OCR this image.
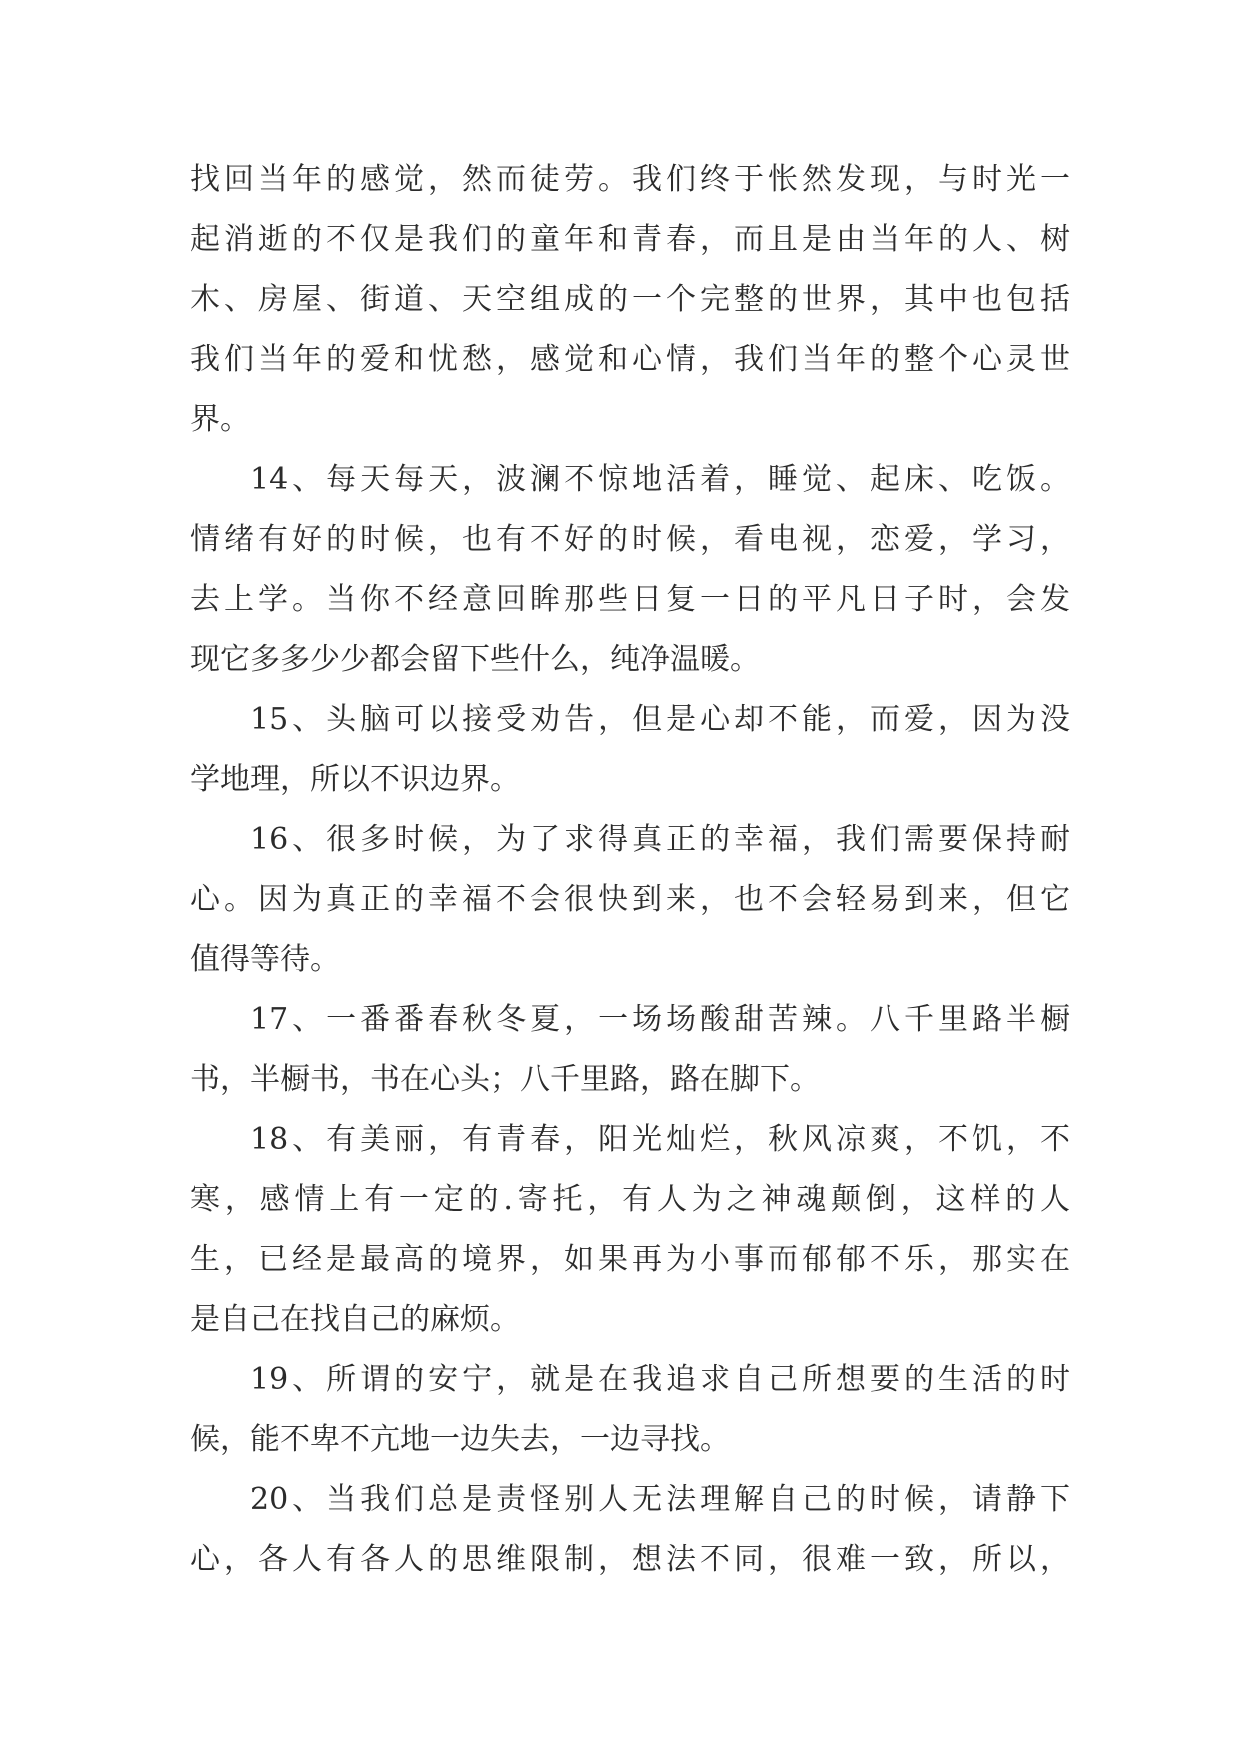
找回当年的感觉，然而徒劳。我们终于怅然发现，与时光一
起消逝的不仅是我们的童年和青春，而且是由当年的人、树
木、房屋、街道、天空组成的一个完整的世界，其中也包括
我们当年的爱和忧愁，感觉和心情，我们当年的整个心灵世
界。
14、每天每天，波澜不惊地活着，睡觉、起床、吃饭。
情绪有好的时候，也有不好的时候，看电视，恋爱，学习，
去上学。当你不经意回眸那些日复一日的平凡日子时，会发
现它多多少少都会留下些什么，纯净温暖。
15、头脑可以接受劝告，但是心却不能，而爱，因为没
学地理，所以不识边界。
16、很多时候，为了求得真正的幸福，我们需要保持耐
心。因为真正的幸福不会很快到来，也不会轻易到来，但它
值得等待。
17、一番番春秋冬夏，一场场酸甜苦辣。八千里路半橱
书，半橱书，书在心头；八千里路，路在脚下。
18、有美丽，有青春，阳光灿烂，秋风凉爽，不饥，不
寒，感情上有一定的.寄托，有人为之神魂颠倒，这样的人
生，已经是最高的境界，如果再为小事而郁郁不乐，那实在
是自己在找自己的麻烦。
19、所谓的安宁，就是在我追求自己所想要的生活的时
候，能不卑不亢地一边失去，一边寻找。
20、当我们总是责怪别人无法理解自己的时候，请静下
心，各人有各人的思维限制，想法不同，很难一致，所以，
